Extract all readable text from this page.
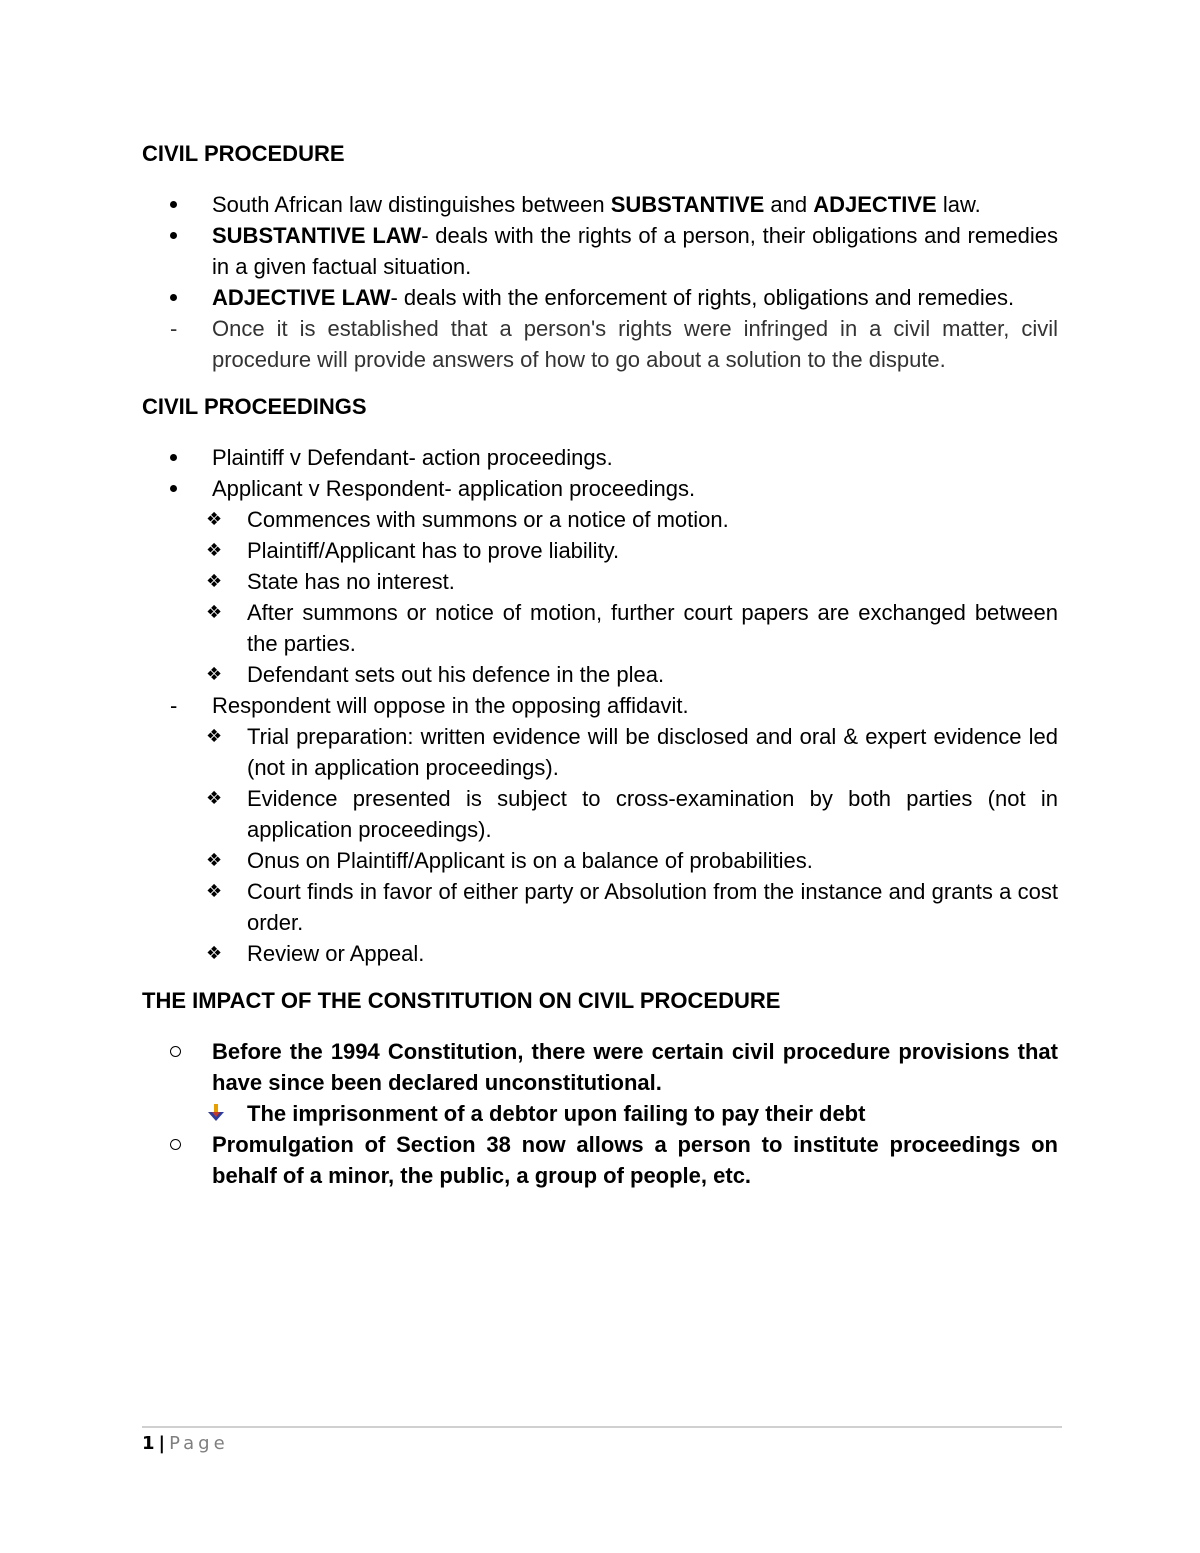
CIVIL PROCEDURE
South African law distinguishes between SUBSTANTIVE and ADJECTIVE law.
SUBSTANTIVE LAW- deals with the rights of a person, their obligations and remedies in a given factual situation.
ADJECTIVE LAW- deals with the enforcement of rights, obligations and remedies.
-	Once it is established that a person's rights were infringed in a civil matter, civil procedure will provide answers of how to go about a solution to the dispute.
CIVIL PROCEEDINGS
Plaintiff v Defendant- action proceedings.
Applicant v Respondent- application proceedings.
❖	Commences with summons or a notice of motion.
❖	Plaintiff/Applicant has to prove liability.
❖	State has no interest.
❖	After summons or notice of motion, further court papers are exchanged between the parties.
❖	Defendant sets out his defence in the plea.
-	Respondent will oppose in the opposing affidavit.
❖	Trial preparation: written evidence will be disclosed and oral & expert evidence led (not in application proceedings).
❖	Evidence presented is subject to cross-examination by both parties (not in application proceedings).
❖	Onus on Plaintiff/Applicant is on a balance of probabilities.
❖	Court finds in favor of either party or Absolution from the instance and grants a cost order.
❖	Review or Appeal.
THE IMPACT OF THE CONSTITUTION ON CIVIL PROCEDURE
Before the 1994 Constitution, there were certain civil procedure provisions that have since been declared unconstitutional.
The imprisonment of a debtor upon failing to pay their debt
Promulgation of Section 38 now allows a person to institute proceedings on behalf of a minor, the public, a group of people, etc.
1 | Page
